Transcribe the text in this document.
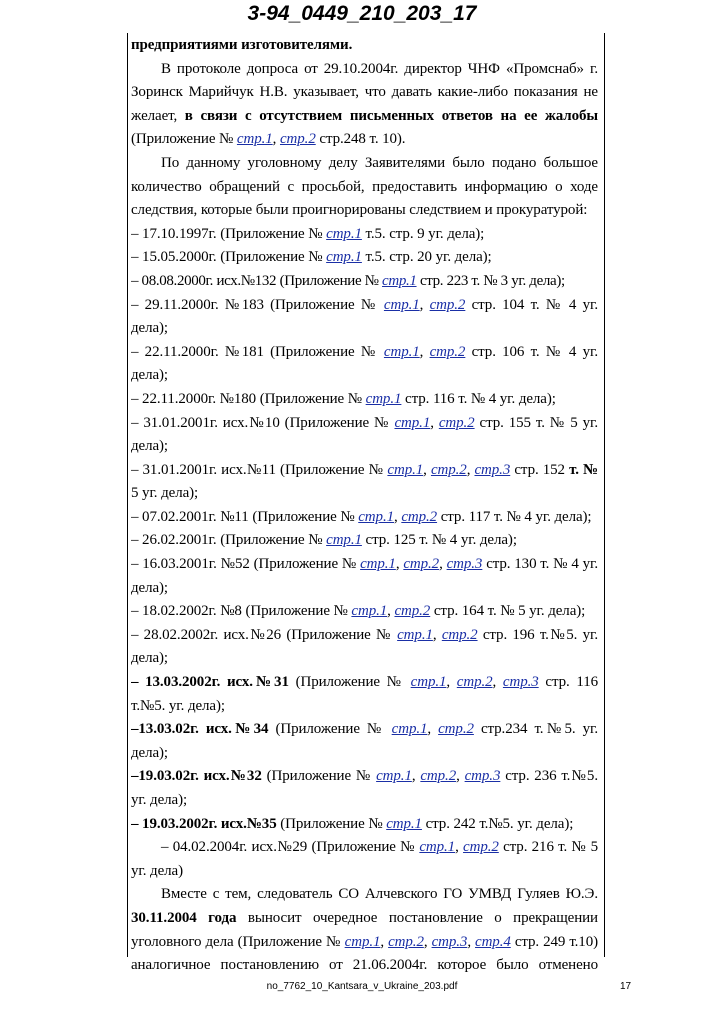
3-94_0449_210_203_17
предприятиями изготовителями.
В протоколе допроса от 29.10.2004г. директор ЧНФ «Промснаб» г.
Зоринск Марийчук Н.В. указывает, что давать какие-либо показания не
желает, в связи с отсутствием письменных ответов на ее жалобы
(Приложение № стр.1, стр.2 стр.248 т. 10).
По данному уголовному делу Заявителями было подано большое
количество обращений с просьбой, предоставить информацию о ходе
следствия, которые были проигнорированы следствием и прокуратурой:
– 17.10.1997г. (Приложение № стр.1 т.5. стр. 9 уг. дела);
– 15.05.2000г. (Приложение № стр.1 т.5. стр. 20 уг. дела);
– 08.08.2000г. исх.№132 (Приложение № стр.1 стр. 223 т. № 3 уг. дела);
– 29.11.2000г. №183 (Приложение № стр.1, стр.2 стр. 104 т. № 4 уг.
дела);
– 22.11.2000г. №181 (Приложение № стр.1, стр.2 стр. 106 т. № 4 уг.
дела);
– 22.11.2000г. №180 (Приложение № стр.1 стр. 116 т. № 4 уг. дела);
– 31.01.2001г. исх.№10 (Приложение № стр.1, стр.2 стр. 155 т. № 5 уг.
дела);
– 31.01.2001г. исх.№11 (Приложение № стр.1, стр.2, стр.3 стр. 152 т. №
5 уг. дела);
– 07.02.2001г. №11 (Приложение № стр.1, стр.2 стр. 117 т. № 4 уг. дела);
– 26.02.2001г. (Приложение № стр.1 стр. 125 т. № 4 уг. дела);
– 16.03.2001г. №52 (Приложение № стр.1, стр.2, стр.3 стр. 130 т. № 4 уг.
дела);
– 18.02.2002г. №8 (Приложение № стр.1, стр.2 стр. 164 т. № 5 уг. дела);
– 28.02.2002г. исх.№26 (Приложение № стр.1, стр.2 стр. 196 т.№5. уг.
дела);
– 13.03.2002г. исх.№31 (Приложение № стр.1, стр.2, стр.3 стр. 116
т.№5. уг. дела);
–13.03.02г. исх.№34 (Приложение № стр.1, стр.2 стр.234 т.№5. уг.
дела);
–19.03.02г. исх.№32 (Приложение № стр.1, стр.2, стр.3 стр. 236 т.№5.
уг. дела);
– 19.03.2002г. исх.№35 (Приложение № стр.1 стр. 242 т.№5. уг. дела);
– 04.02.2004г. исх.№29 (Приложение № стр.1, стр.2 стр. 216 т. № 5
уг. дела)
Вместе с тем, следователь СО Алчевского ГО УМВД Гуляев Ю.Э.
30.11.2004 года выносит очередное постановление о прекращении
уголовного дела (Приложение № стр.1, стр.2, стр.3, стр.4 стр. 249 т.10)
аналогичное постановлению от 21.06.2004г. которое было отменено
no_7762_10_Kantsara_v_Ukraine_203.pdf	17
